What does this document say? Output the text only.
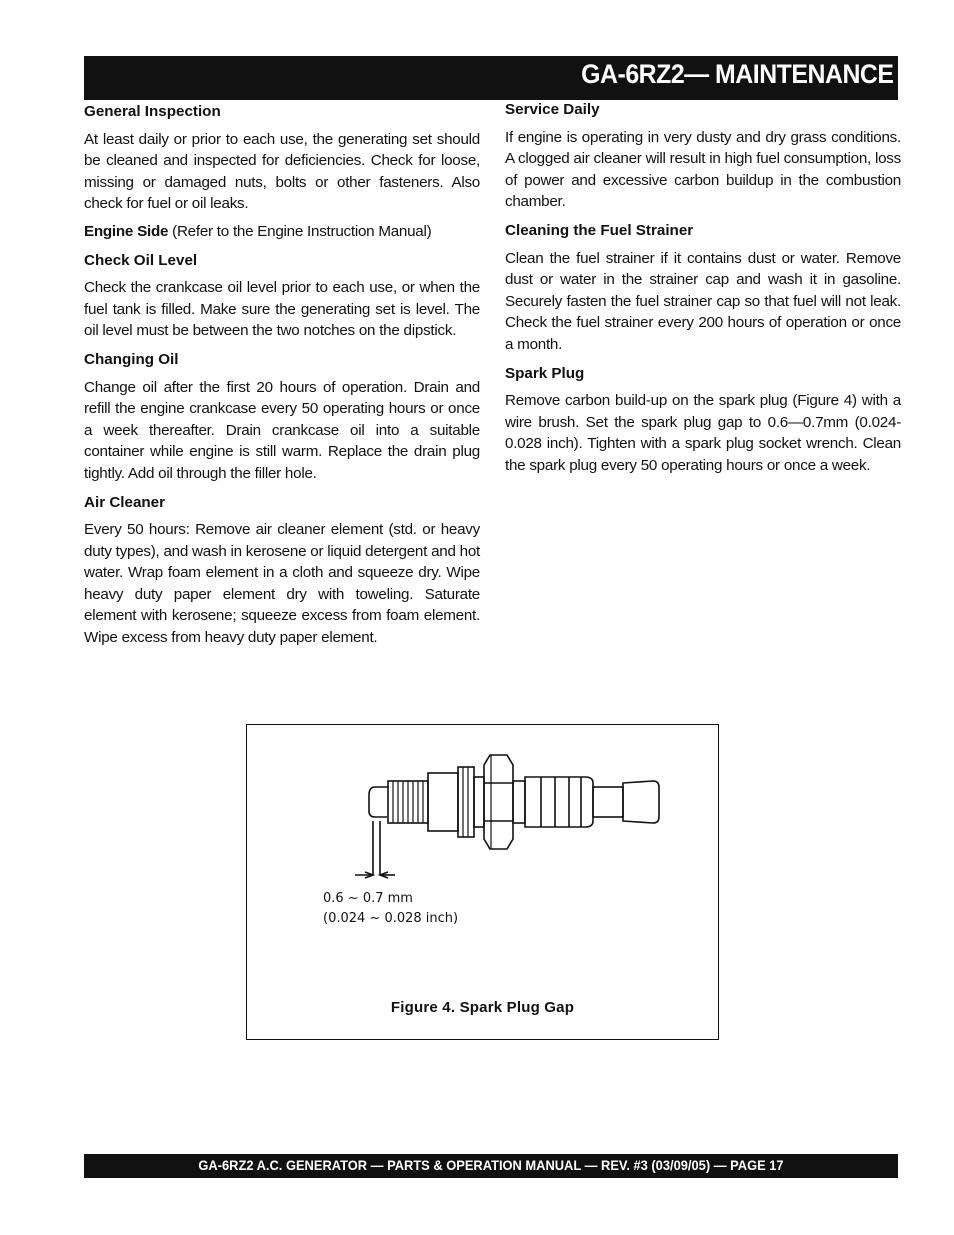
GA-6RZ2— MAINTENANCE
General Inspection

At least daily or prior to each use, the generating set should be cleaned and inspected for deficiencies. Check for loose, missing or damaged nuts, bolts or other fasteners. Also check for fuel or oil leaks.

Engine Side (Refer to the Engine Instruction Manual)

Check Oil Level

Check the crankcase oil level prior to each use, or when the fuel tank is filled. Make sure the generating set is level. The oil level must be between the two notches on the dipstick.

Changing Oil

Change oil after the first 20 hours of operation. Drain and refill the engine crankcase every 50 operating hours or once a week thereafter. Drain crankcase oil into a suitable container while engine is still warm. Replace the drain plug tightly. Add oil through the filler hole.

Air Cleaner

Every 50 hours: Remove air cleaner element (std. or heavy duty types), and wash in kerosene or liquid detergent and hot water. Wrap foam element in a cloth and squeeze dry. Wipe heavy duty paper element dry with toweling. Saturate element with kerosene; squeeze excess from foam element. Wipe excess from heavy duty paper element.

Service Daily

If engine is operating in very dusty and dry grass conditions. A clogged air cleaner will result in high fuel consumption, loss of power and excessive carbon buildup in the combustion chamber.

Cleaning the Fuel Strainer

Clean the fuel strainer if it contains dust or water. Remove dust or water in the strainer cap and wash it in gasoline. Securely fasten the fuel strainer cap so that fuel will not leak. Check the fuel strainer every 200 hours of operation or once a month.

Spark Plug

Remove carbon build-up on the spark plug (Figure 4) with a wire brush. Set the spark plug gap to 0.6—0.7mm (0.024-0.028 inch). Tighten with a spark plug socket wrench. Clean the spark plug every 50 operating hours or once a week.

0.6 ~ 0.7 mm
(0.024 ~ 0.028 inch)
Figure 4. Spark Plug Gap
GA-6RZ2 A.C. GENERATOR — PARTS & OPERATION MANUAL — REV. #3 (03/09/05) — PAGE 17
